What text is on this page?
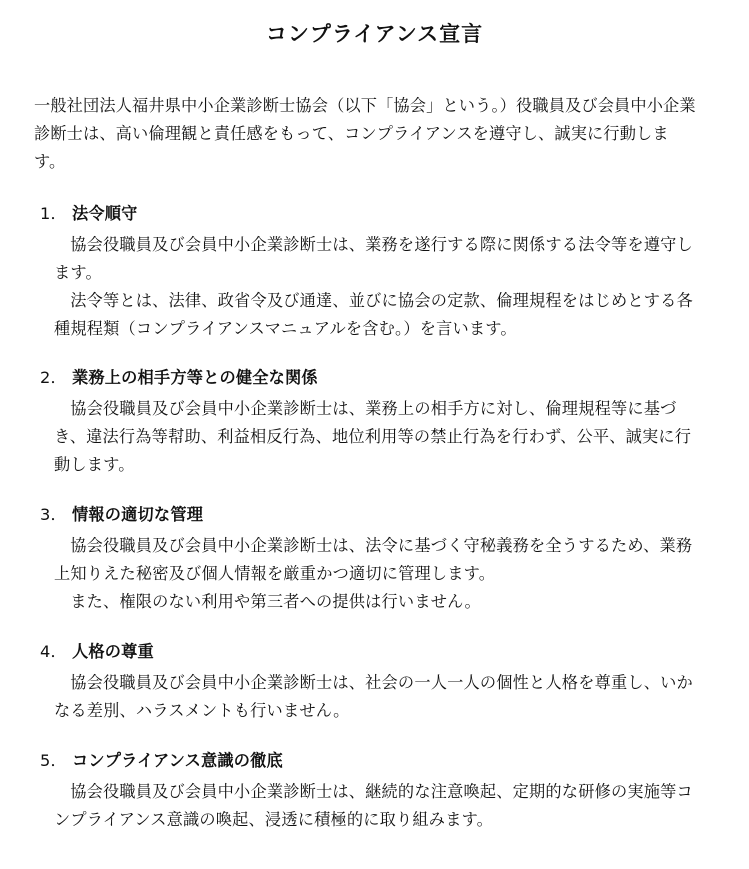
コンプライアンス宣言
一般社団法人福井県中小企業診断士協会（以下「協会」という。）役職員及び会員中小企業診断士は、高い倫理観と責任感をもって、コンプライアンスを遵守し、誠実に行動します。
1． 法令順守
協会役職員及び会員中小企業診断士は、業務を遂行する際に関係する法令等を遵守します。
法令等とは、法律、政省令及び通達、並びに協会の定款、倫理規程をはじめとする各種規程類（コンプライアンスマニュアルを含む。）を言います。
2． 業務上の相手方等との健全な関係
協会役職員及び会員中小企業診断士は、業務上の相手方に対し、倫理規程等に基づき、違法行為等幇助、利益相反行為、地位利用等の禁止行為を行わず、公平、誠実に行動します。
3． 情報の適切な管理
協会役職員及び会員中小企業診断士は、法令に基づく守秘義務を全うするため、業務上知りえた秘密及び個人情報を厳重かつ適切に管理します。
また、権限のない利用や第三者への提供は行いません。
4． 人格の尊重
協会役職員及び会員中小企業診断士は、社会の一人一人の個性と人格を尊重し、いかなる差別、ハラスメントも行いません。
5． コンプライアンス意識の徹底
協会役職員及び会員中小企業診断士は、継続的な注意喚起、定期的な研修の実施等コンプライアンス意識の喚起、浸透に積極的に取り組みます。
